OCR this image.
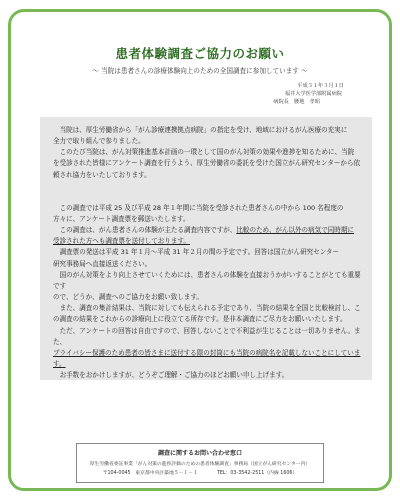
患者体験調査ご協力のお願い
～ 当院は患者さんの診療体験向上のための全国調査に参加しています ～
平成３１年３月１日
福井大学医学部附属病院
病院長　腰地　孝昭

　当院は、厚生労働省から「がん診療連携拠点病院」の指定を受け、地域におけるがん医療の充実に

全力で取り組んで参りました。

　このたび当院は、がん対策推進基本計画の一環として国のがん対策の効果や進捗を知るために、当院

を受診された皆様にアンケート調査を行うよう、厚生労働省の委託を受けた国立がん研究センターから依

頼され協力をいたしております。

　この調査では平成 25 及び平成 28 年１年間に当院を受診された患者さんの中から 100 名程度の

方々に、アンケート調査票を郵送いたします。

　この調査は、がん患者さんの体験が主たる調査内容ですが、比較のため、がん以外の病気で同時期に

受診された方へも調査票を送付しております。

　調査票の発送は平成 31 年１月～平成 31 年２月の間の予定です。回答は国立がん研究センター

研究事務局へ直接返送ください。

　国のがん対策をより向上させていくためには、患者さんの体験を直接おうかがいすることがとても重要です

ので、どうか、調査へのご協力をお願い致します。

　また、調査の集計結果は、当院に対しても伝えられる予定であり、当院の結果を全国と比較検討し、こ

の調査の結果をこれからの診療向上に役立てる所存です。是非本調査にご尽力をお願いいたします。

　ただ、アンケートの回答は自由ですので、回答しないことで不利益が生じることは一切ありません。また、

プライバシー保護のため患者の皆さまに送付する際の封筒にも当院の病院名を記載しないことにしていま

す。

　お手数をおかけしますが、どうぞご理解・ご協力のほどお願い申し上げます。

調査に関するお問い合わせ窓口
厚生労働省委託事業「がん対策の進捗評価のための患者体験調査」事務局（国立がん研究センター内）
〒104-0045　東京都中央区築地５－１－１　　　　TEL：03-3542-2511（内線 1606）
